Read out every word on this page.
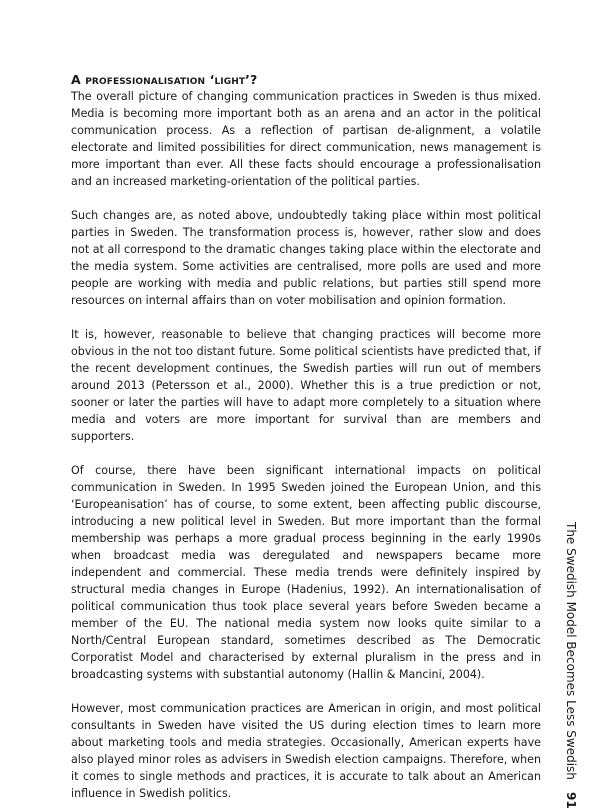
A professionalisation ‘light’?

The overall picture of changing communication practices in Sweden is thus mixed. Media is becoming more important both as an arena and an actor in the political communication process. As a reflection of partisan de-alignment, a volatile electorate and limited possibilities for direct communication, news management is more important than ever. All these facts should encourage a professionalisation and an increased marketing-orientation of the political parties.

Such changes are, as noted above, undoubtedly taking place within most political parties in Sweden. The transformation process is, however, rather slow and does not at all correspond to the dramatic changes taking place within the electorate and the media system. Some activities are centralised, more polls are used and more people are working with media and public relations, but parties still spend more resources on internal affairs than on voter mobilisation and opinion formation.

It is, however, reasonable to believe that changing practices will become more obvious in the not too distant future. Some political scientists have predicted that, if the recent development continues, the Swedish parties will run out of members around 2013 (Petersson et al., 2000). Whether this is a true prediction or not, sooner or later the parties will have to adapt more completely to a situation where media and voters are more important for survival than are members and supporters.

Of course, there have been significant international impacts on political communication in Sweden. In 1995 Sweden joined the European Union, and this ‘Europeanisation’ has of course, to some extent, been affecting public discourse, introducing a new political level in Sweden. But more important than the formal membership was perhaps a more gradual process beginning in the early 1990s when broadcast media was deregulated and newspapers became more independent and commercial. These media trends were definitely inspired by structural media changes in Europe (Hadenius, 1992). An internationalisation of political communication thus took place several years before Sweden became a member of the EU. The national media system now looks quite similar to a North/Central European standard, sometimes described as The Democratic Corporatist Model and characterised by external pluralism in the press and in broadcasting systems with substantial autonomy (Hallin & Mancini, 2004).

However, most communication practices are American in origin, and most political consultants in Sweden have visited the US during election times to learn more about marketing tools and media strategies. Occasionally, American experts have also played minor roles as advisers in Swedish election campaigns. Therefore, when it comes to single methods and practices, it is accurate to talk about an American influence in Swedish politics.

The Swedish Model Becomes Less Swedish 91
